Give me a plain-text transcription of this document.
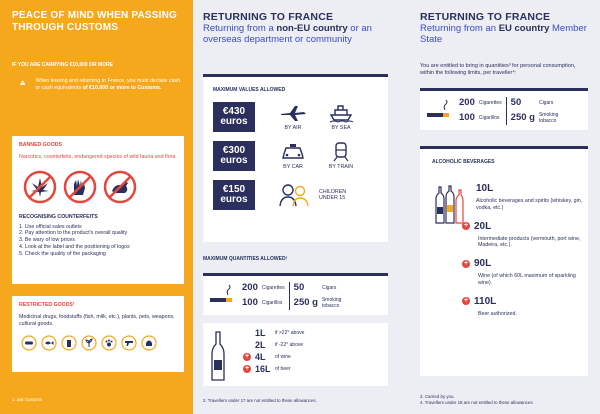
PEACE OF MIND WHEN PASSING THROUGH CUSTOMS
IF YOU ARE CARRYING €10,000 OR MORE
When leaving and returning to France, you must declare cash or cash equivalents of €10,000 or more to Customs.
BANNED GOODS
Narcotics, counterfeits, endangered species of wild fauna and flora.
RECOGNISING COUNTERFEITS
1. Use official sales outlets
2. Pay attention to the product's overall quality
3. Be wary of low prices
4. Look at the label and the positioning of logos
5. Check the quality of the packaging
RESTRICTED GOODS¹
Medicinal drugs, foodstuffs (fish, milk, etc.), plants, pets, weapons, cultural goods.
1. ask Customs
RETURNING TO FRANCE
Returning from a non-EU country or an overseas department or community
2. Travellers under 17 are not entitled to these allowances.
MAXIMUM VALUES ALLOWED
€430
euros
BY AIR	BY SEA
€300
euros
BY CAR	BY TRAIN
€150
euros
CHILDREN UNDER 15
MAXIMUM QUANTITIES ALLOWED²
200 Cigarettes 50	Cigars
100 Cigarillos 250 g Smoking tobacco
1L	if >22° above
2L	if -22° above
+ 4L	of wine
+ 16L of beer
RETURNING TO FRANCE
Returning from an EU country Member State
You are entitled to bring in quantities³ for personal consumption, within the following limits, per traveller⁴:
3. Carried by you.
4. Travellers under 18 are not entitled to these allowances.
200 Cigarettes 50	Cigars
100 Cigarillos 250 g Smoking tobacco
ALCOHOLIC BEVERAGES
10L
Alcoholic beverages and spirits (whiskey, gin, vodka, etc.)
+ 20L
Intermediate products (vermouth, port wine, Madeira, etc.).
+ 90L
Wine (of which 60L maximum of sparkling wine).
+ 110L
Beer authorized.
